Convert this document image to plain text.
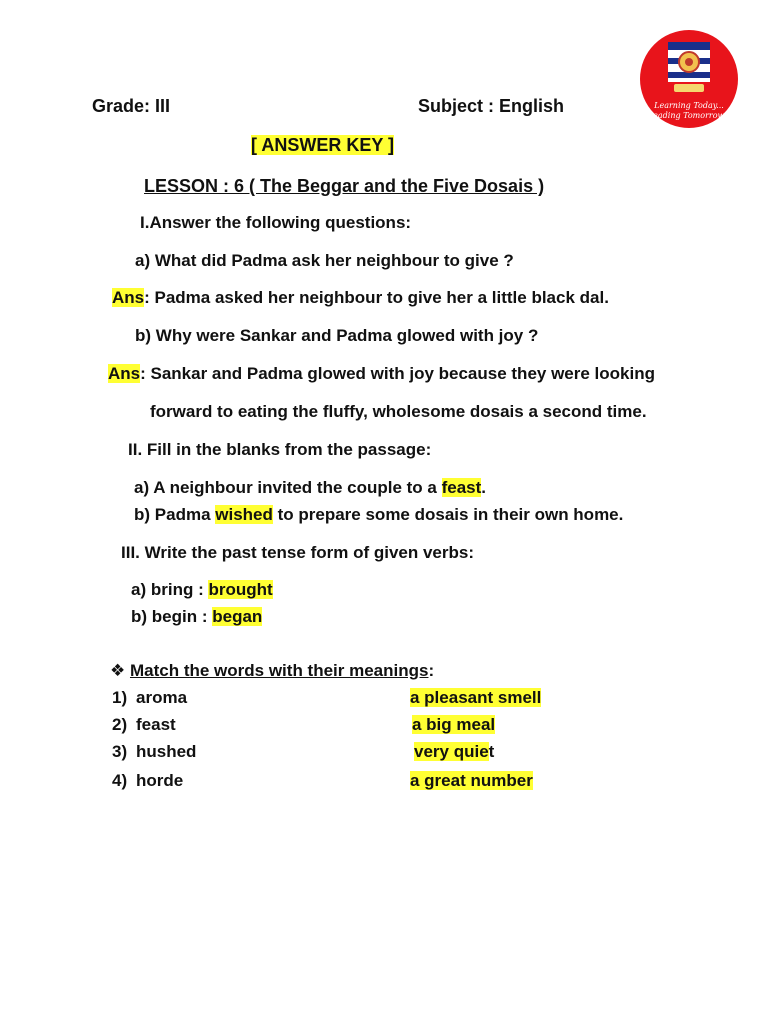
Learning Today...
Leading Tomorrow !
Grade: III	Subject : English
[ ANSWER KEY ]
LESSON : 6 ( The Beggar and the Five Dosais )
I.Answer the following questions:
a) What did Padma ask her neighbour to give ?
Ans: Padma asked her neighbour to give her a little black dal.
b) Why were Sankar and Padma glowed with joy ?
Ans: Sankar and Padma glowed with joy because they were looking
forward to eating the fluffy, wholesome dosais a second time.
II. Fill in the blanks from the passage:
a) A neighbour invited the couple to a feast.
b) Padma wished to prepare some dosais in their own home.
III. Write the past tense form of given verbs:
a) bring : brought
b) begin : began
❖ Match the words with their meanings:
1) aroma	a pleasant smell
2) feast	a big meal
3) hushed	very quiet
4) horde	a great number
